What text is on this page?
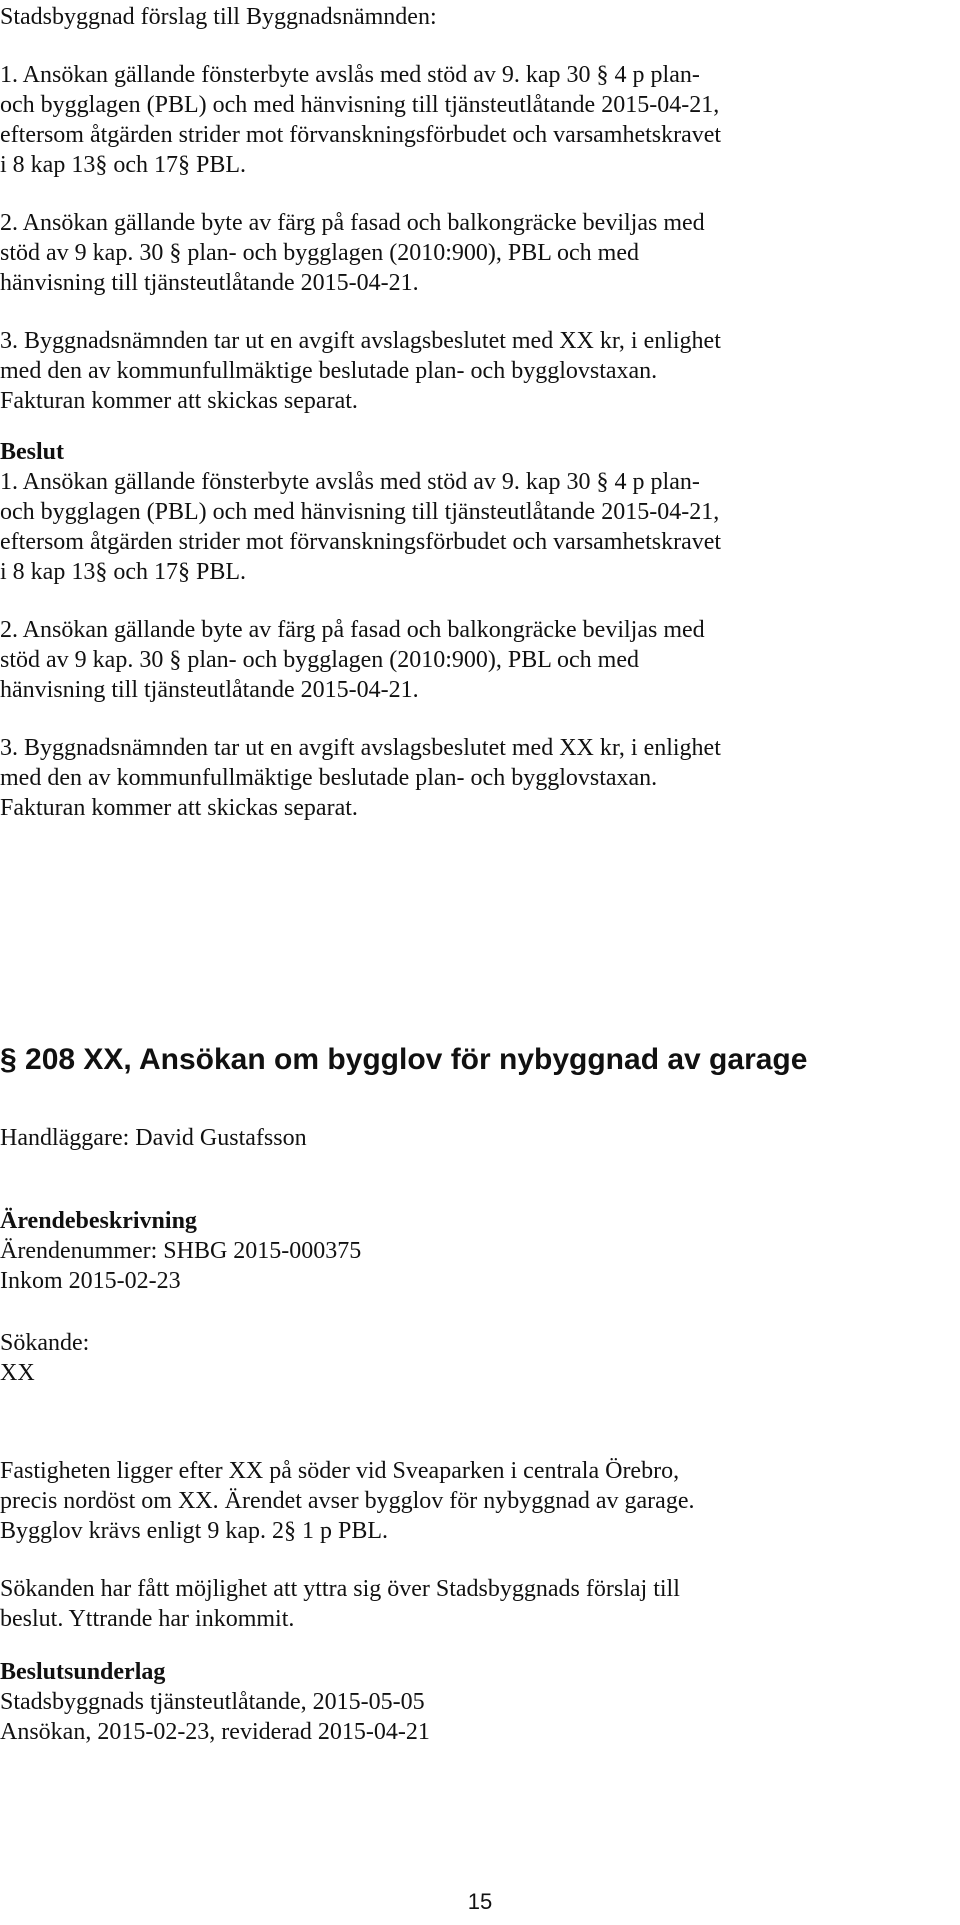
Stadsbyggnad förslag till Byggnadsnämnden:

1. Ansökan gällande fönsterbyte avslås med stöd av 9. kap 30 § 4 p plan-
och bygglagen (PBL) och med hänvisning till tjänsteutlåtande 2015-04-21,
eftersom åtgärden strider mot förvanskningsförbudet och varsamhetskravet
i 8 kap 13§ och 17§ PBL.

2. Ansökan gällande byte av färg på fasad och balkongräcke beviljas med
stöd av 9 kap. 30 § plan- och bygglagen (2010:900), PBL och med
hänvisning till tjänsteutlåtande 2015-04-21.

3. Byggnadsnämnden tar ut en avgift avslagsbeslutet med XX kr, i enlighet
med den av kommunfullmäktige beslutade plan- och bygglovstaxan.
Fakturan kommer att skickas separat.

Beslut

1. Ansökan gällande fönsterbyte avslås med stöd av 9. kap 30 § 4 p plan-
och bygglagen (PBL) och med hänvisning till tjänsteutlåtande 2015-04-21,
eftersom åtgärden strider mot förvanskningsförbudet och varsamhetskravet
i 8 kap 13§ och 17§ PBL.

2. Ansökan gällande byte av färg på fasad och balkongräcke beviljas med
stöd av 9 kap. 30 § plan- och bygglagen (2010:900), PBL och med
hänvisning till tjänsteutlåtande 2015-04-21.

3. Byggnadsnämnden tar ut en avgift avslagsbeslutet med XX kr, i enlighet
med den av kommunfullmäktige beslutade plan- och bygglovstaxan.
Fakturan kommer att skickas separat.

§ 208 XX, Ansökan om bygglov för nybyggnad av garage

Handläggare: David Gustafsson

Ärendebeskrivning

Ärendenummer: SHBG 2015-000375

Inkom 2015-02-23

Sökande:

XX

Fastigheten ligger efter XX på söder vid Sveaparken i centrala Örebro,
precis nordöst om XX. Ärendet avser bygglov för nybyggnad av garage.
Bygglov krävs enligt 9 kap. 2§ 1 p PBL.

Sökanden har fått möjlighet att yttra sig över Stadsbyggnads förslaj till
beslut. Yttrande har inkommit.

Beslutsunderlag

Stadsbyggnads tjänsteutlåtande, 2015-05-05

Ansökan, 2015-02-23, reviderad 2015-04-21

15
